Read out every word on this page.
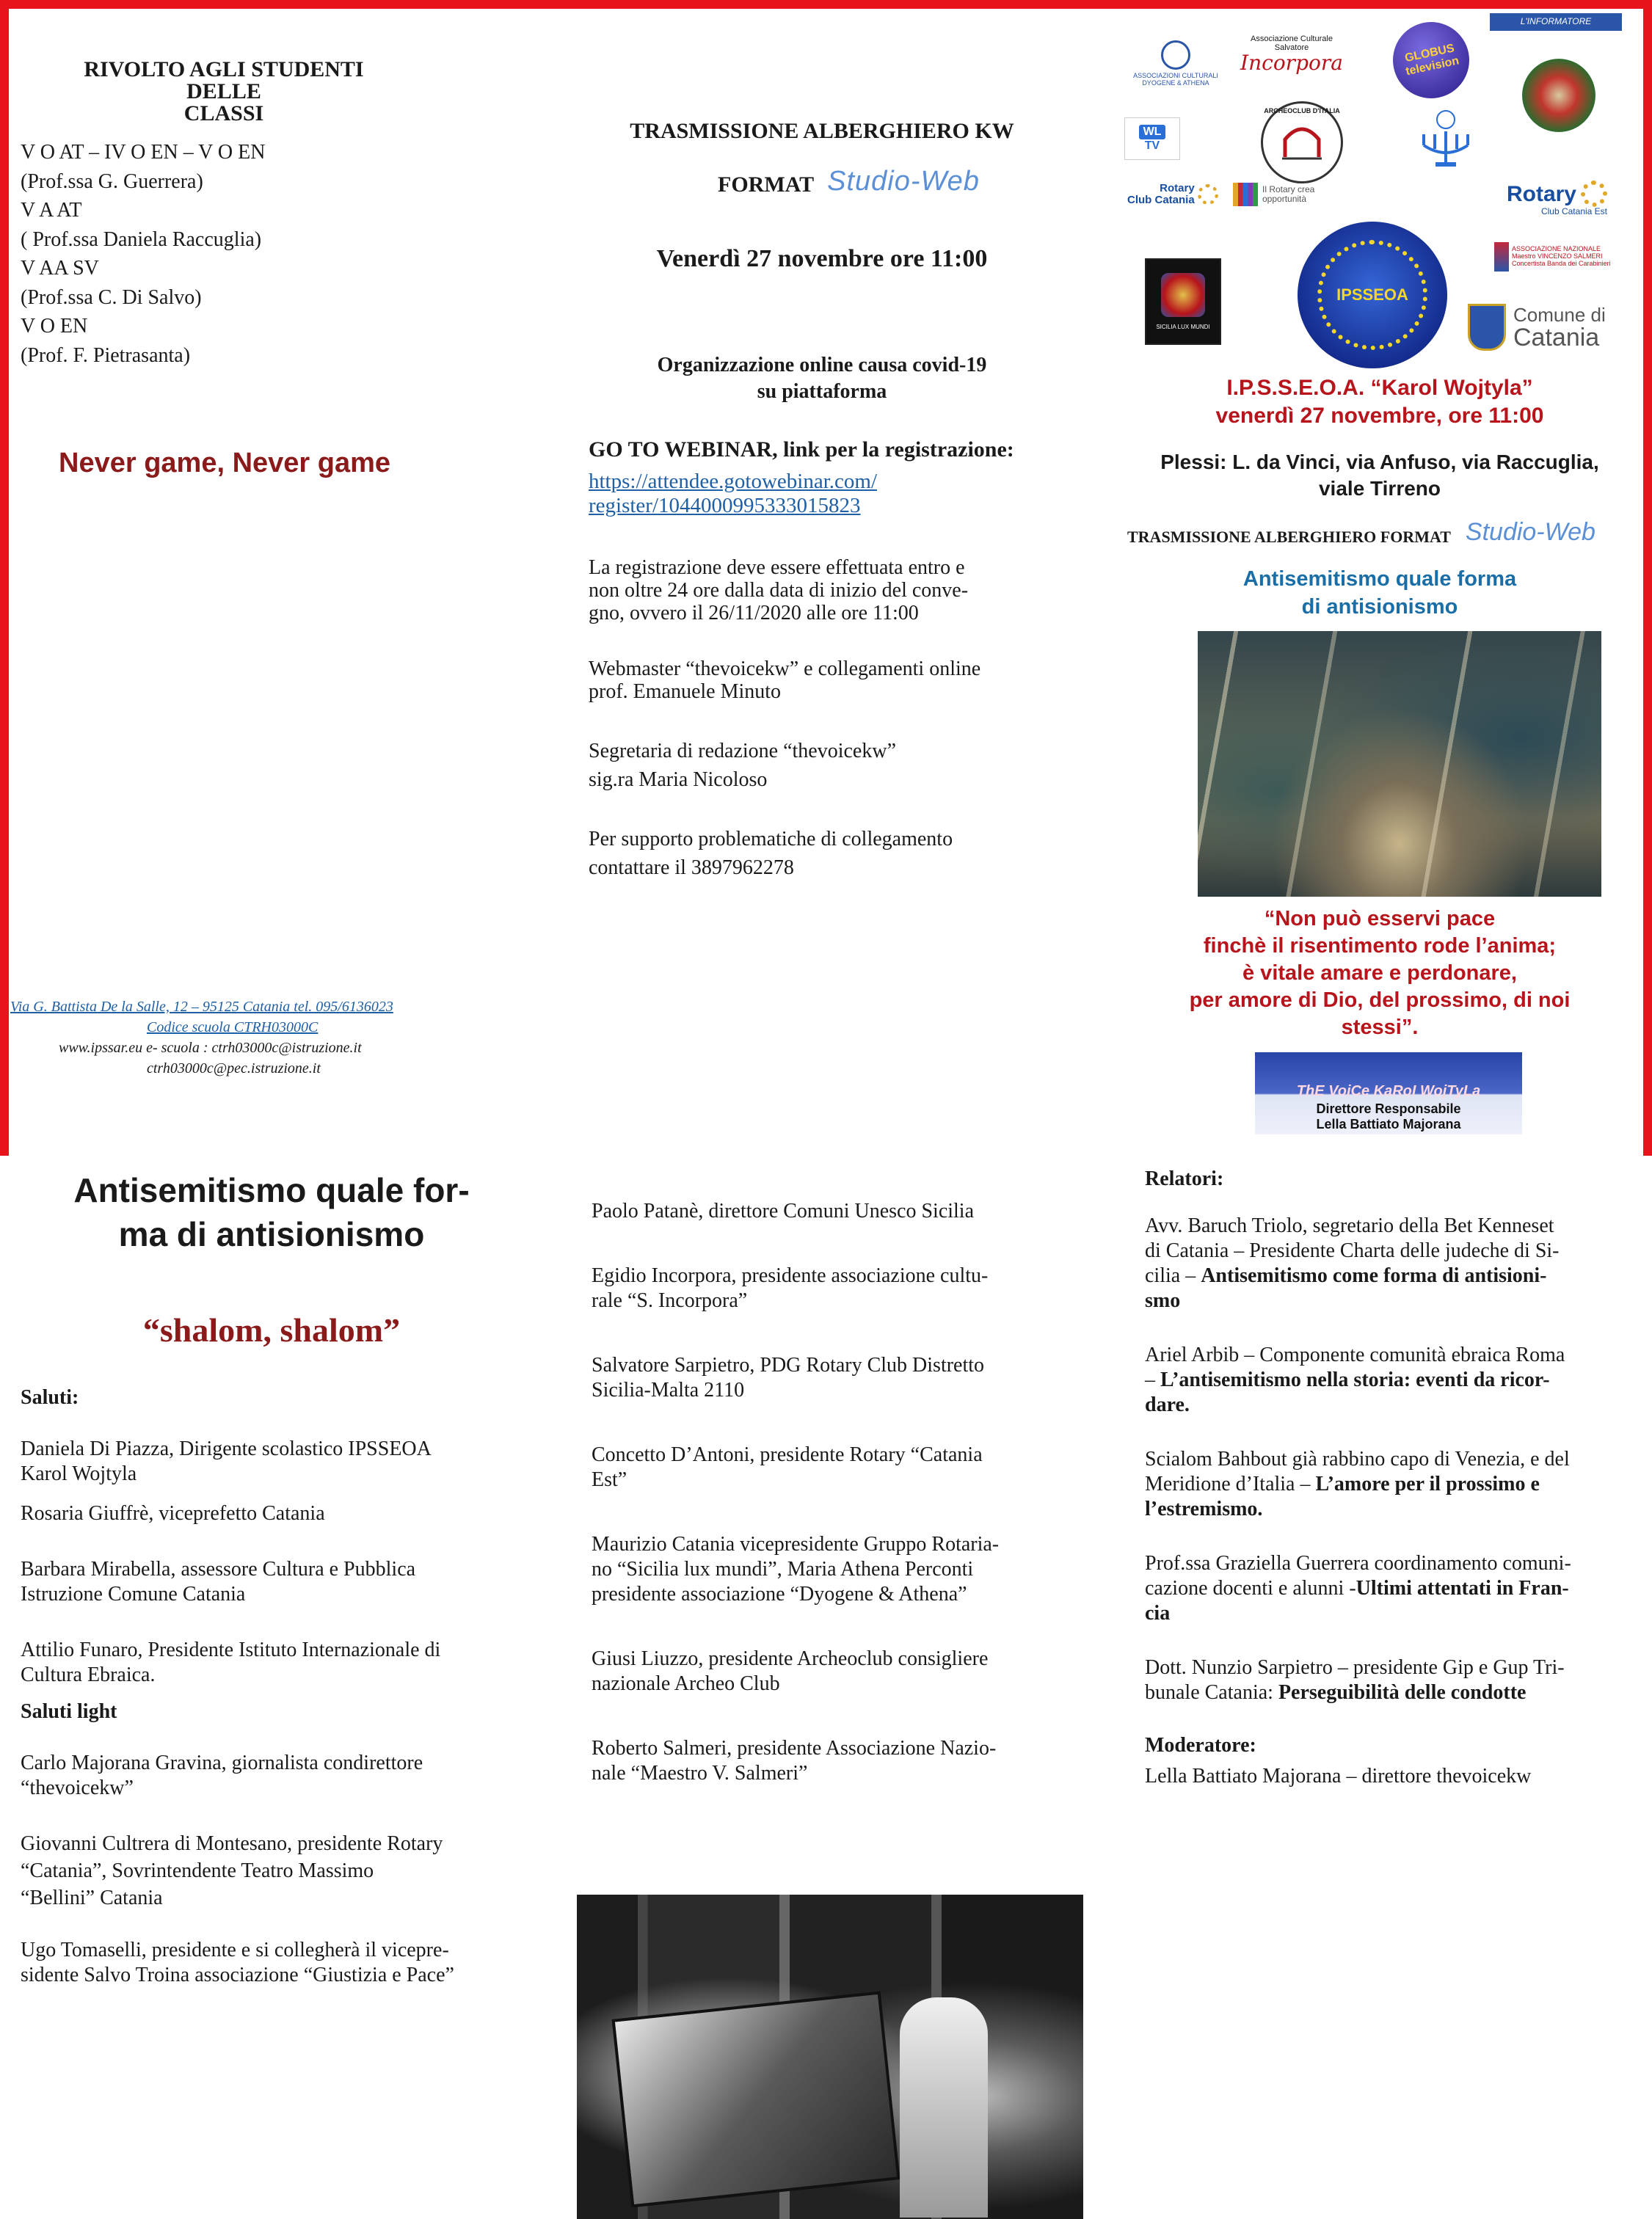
RIVOLTO AGLI STUDENTI DELLE
CLASSI
V O AT – IV O EN – V O EN
(Prof.ssa G. Guerrera)
V A AT
( Prof.ssa Daniela Raccuglia)
V AA SV
(Prof.ssa C. Di Salvo)
V O EN
(Prof. F. Pietrasanta)
Never game, Never game
Via G. Battista De la Salle, 12 – 95125 Catania tel. 095/6136023
Codice scuola CTRH03000C
www.ipssar.eu e- scuola : ctrh03000c@istruzione.it
ctrh03000c@pec.istruzione.it
TRASMISSIONE ALBERGHIERO KW
FORMAT Studio-Web
Venerdì 27 novembre ore 11:00
Organizzazione online causa covid-19
su piattaforma
GO TO WEBINAR, link per la registrazione:
https://attendee.gotowebinar.com/
register/1044000995333015823
La registrazione deve essere effettuata entro e
non oltre 24 ore dalla data di inizio del conve-
gno, ovvero il 26/11/2020 alle ore 11:00
Webmaster “thevoicekw” e collegamenti online
prof. Emanuele Minuto
Segretaria di redazione “thevoicekw”
sig.ra Maria Nicoloso
Per supporto problematiche di collegamento
contattare il 3897962278
ASSOCIAZIONI CULTURALI
DYOGENE & ATHENA
Associazione Culturale
Salvatore
Incorpora	GLOBUS
television
L'INFORMATORE
WL
TV
ARCHEOCLUB D'ITALIA
Rotary
Club Catania
Il Rotary crea
opportunità	Rotary
Club Catania Est
SICILIA LUX MUNDI
IPSSEOA
Comune di
Catania
ASSOCIAZIONE NAZIONALE
Maestro VINCENZO SALMERI
Concertista Banda dei Carabinieri
I.P.S.S.E.O.A. “Karol Wojtyla”
venerdì 27 novembre, ore 11:00
Plessi: L. da Vinci, via Anfuso, via Raccuglia,
viale Tirreno
TRASMISSIONE ALBERGHIERO FORMAT Studio-Web
Antisemitismo quale forma
di antisionismo
“Non può esservi pace
finchè il risentimento rode l’anima;
è vitale amare e perdonare,
per amore di Dio, del prossimo, di noi
stessi”.
ThE VoiCe KaRoI WojTyLa
Direttore Responsabile
Lella Battiato Majorana
Antisemitismo quale for-
ma di antisionismo
“shalom, shalom”

Saluti:

Daniela Di Piazza, Dirigente scolastico IPSSEOA
Karol Wojtyla

Rosaria Giuffrè, viceprefetto Catania

Barbara Mirabella, assessore Cultura e Pubblica
Istruzione Comune Catania

Attilio Funaro, Presidente Istituto Internazionale di
Cultura Ebraica.

Saluti light

Carlo Majorana Gravina, giornalista condirettore
“thevoicekw”

Giovanni Cultrera di Montesano, presidente Rotary
“Catania”, Sovrintendente Teatro Massimo
“Bellini” Catania

Ugo Tomaselli, presidente e si collegherà il vicepre-
sidente Salvo Troina associazione “Giustizia e Pace”

Paolo Patanè, direttore Comuni Unesco Sicilia

Egidio Incorpora, presidente associazione cultu-
rale “S. Incorpora”

Salvatore Sarpietro, PDG Rotary Club Distretto
Sicilia-Malta 2110

Concetto D’Antoni, presidente Rotary “Catania
Est”

Maurizio Catania vicepresidente Gruppo Rotaria-
no “Sicilia lux mundi”, Maria Athena Perconti
presidente associazione “Dyogene & Athena”

Giusi Liuzzo, presidente Archeoclub consigliere
nazionale Archeo Club

Roberto Salmeri, presidente Associazione Nazio-
nale “Maestro V. Salmeri”

Relatori:

Avv. Baruch Triolo, segretario della Bet Kenneset
di Catania – Presidente Charta delle judeche di Si-
cilia – Antisemitismo come forma di antisioni-
smo

Ariel Arbib – Componente comunità ebraica Roma
– L’antisemitismo nella storia: eventi da ricor-
dare.

Scialom Bahbout già rabbino capo di Venezia, e del
Meridione d’Italia – L’amore per il prossimo e
l’estremismo.

Prof.ssa Graziella Guerrera coordinamento comuni-
cazione docenti e alunni -Ultimi attentati in Fran-
cia

Dott. Nunzio Sarpietro – presidente Gip e Gup Tri-
bunale Catania: Perseguibilità delle condotte

Moderatore:

Lella Battiato Majorana – direttore thevoicekw
